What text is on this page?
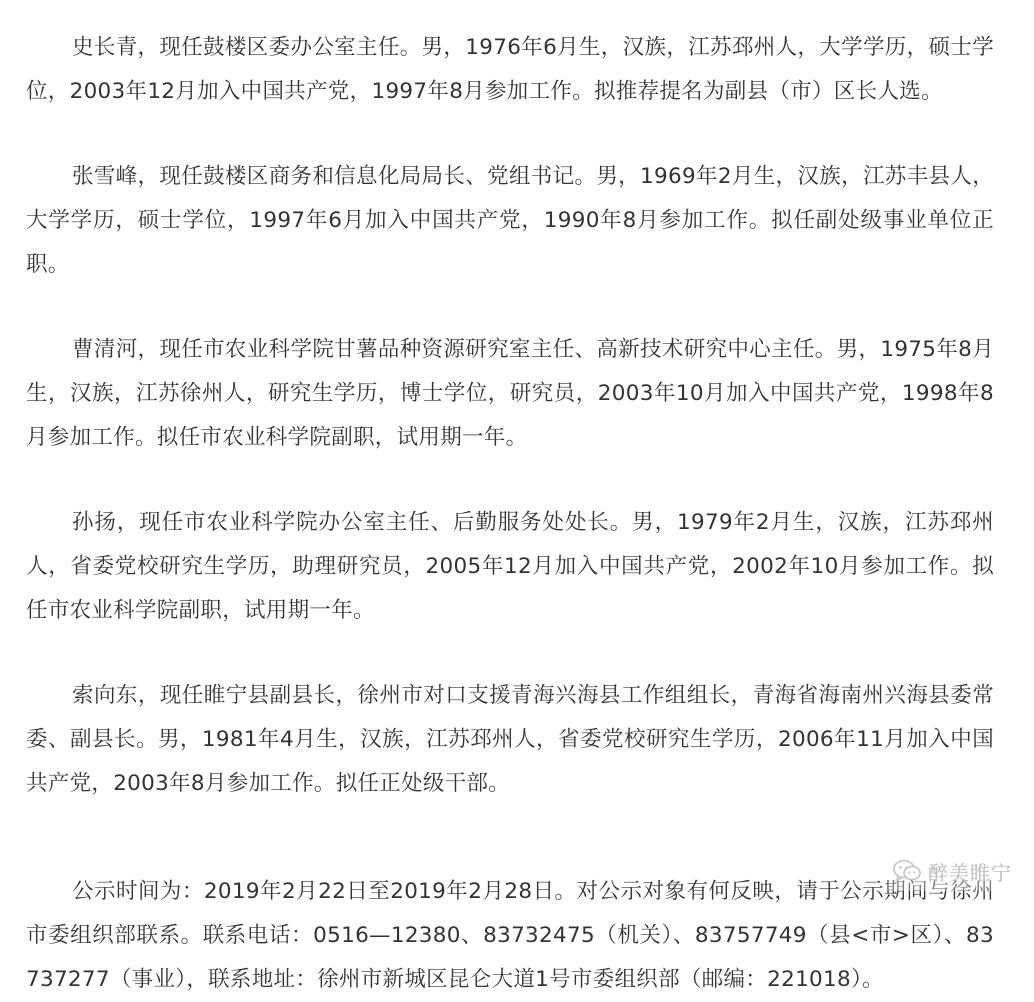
史长青，现任鼓楼区委办公室主任。男，1976年6月生，汉族，江苏邳州人，大学学历，硕士学位，2003年12月加入中国共产党，1997年8月参加工作。拟推荐提名为副县（市）区长人选。

张雪峰，现任鼓楼区商务和信息化局局长、党组书记。男，1969年2月生，汉族，江苏丰县人，大学学历，硕士学位，1997年6月加入中国共产党，1990年8月参加工作。拟任副处级事业单位正职。

曹清河，现任市农业科学院甘薯品种资源研究室主任、高新技术研究中心主任。男，1975年8月生，汉族，江苏徐州人，研究生学历，博士学位，研究员，2003年10月加入中国共产党，1998年8月参加工作。拟任市农业科学院副职，试用期一年。

孙扬，现任市农业科学院办公室主任、后勤服务处处长。男，1979年2月生，汉族，江苏邳州人，省委党校研究生学历，助理研究员，2005年12月加入中国共产党，2002年10月参加工作。拟任市农业科学院副职，试用期一年。

索向东，现任睢宁县副县长，徐州市对口支援青海兴海县工作组组长，青海省海南州兴海县委常委、副县长。男，1981年4月生，汉族，江苏邳州人，省委党校研究生学历，2006年11月加入中国共产党，2003年8月参加工作。拟任正处级干部。

公示时间为：2019年2月22日至2019年2月28日。对公示对象有何反映，请于公示期间与徐州市委组织部联系。联系电话：0516—12380、83732475（机关）、83757749（县<市>区）、83737277（事业），联系地址：徐州市新城区昆仑大道1号市委组织部（邮编：221018）。

醉美睢宁
